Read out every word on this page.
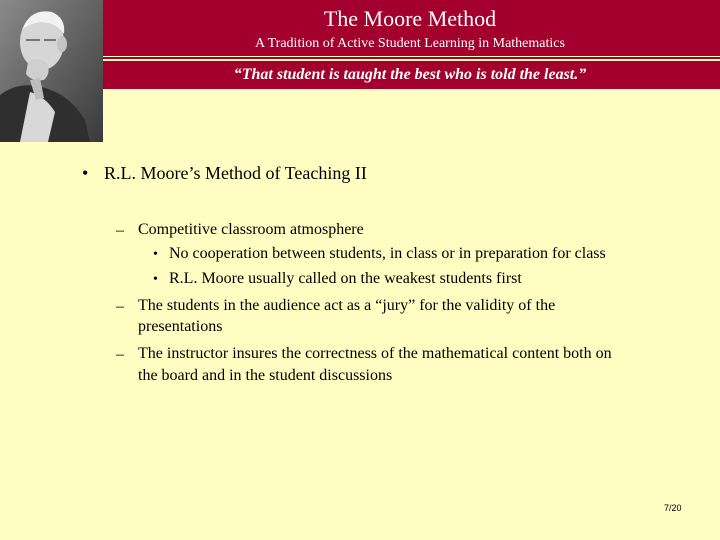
The Moore Method
A Tradition of Active Student Learning in Mathematics
“That student is taught the best who is told the least.”
• R.L. Moore’s Method of Teaching II
– Competitive classroom atmosphere
• No cooperation between students, in class or in preparation for class
• R.L. Moore usually called on the weakest students first
– The students in the audience act as a “jury” for the validity of the
presentations
– The instructor insures the correctness of the mathematical content both on
the board and in the student discussions
7/20
